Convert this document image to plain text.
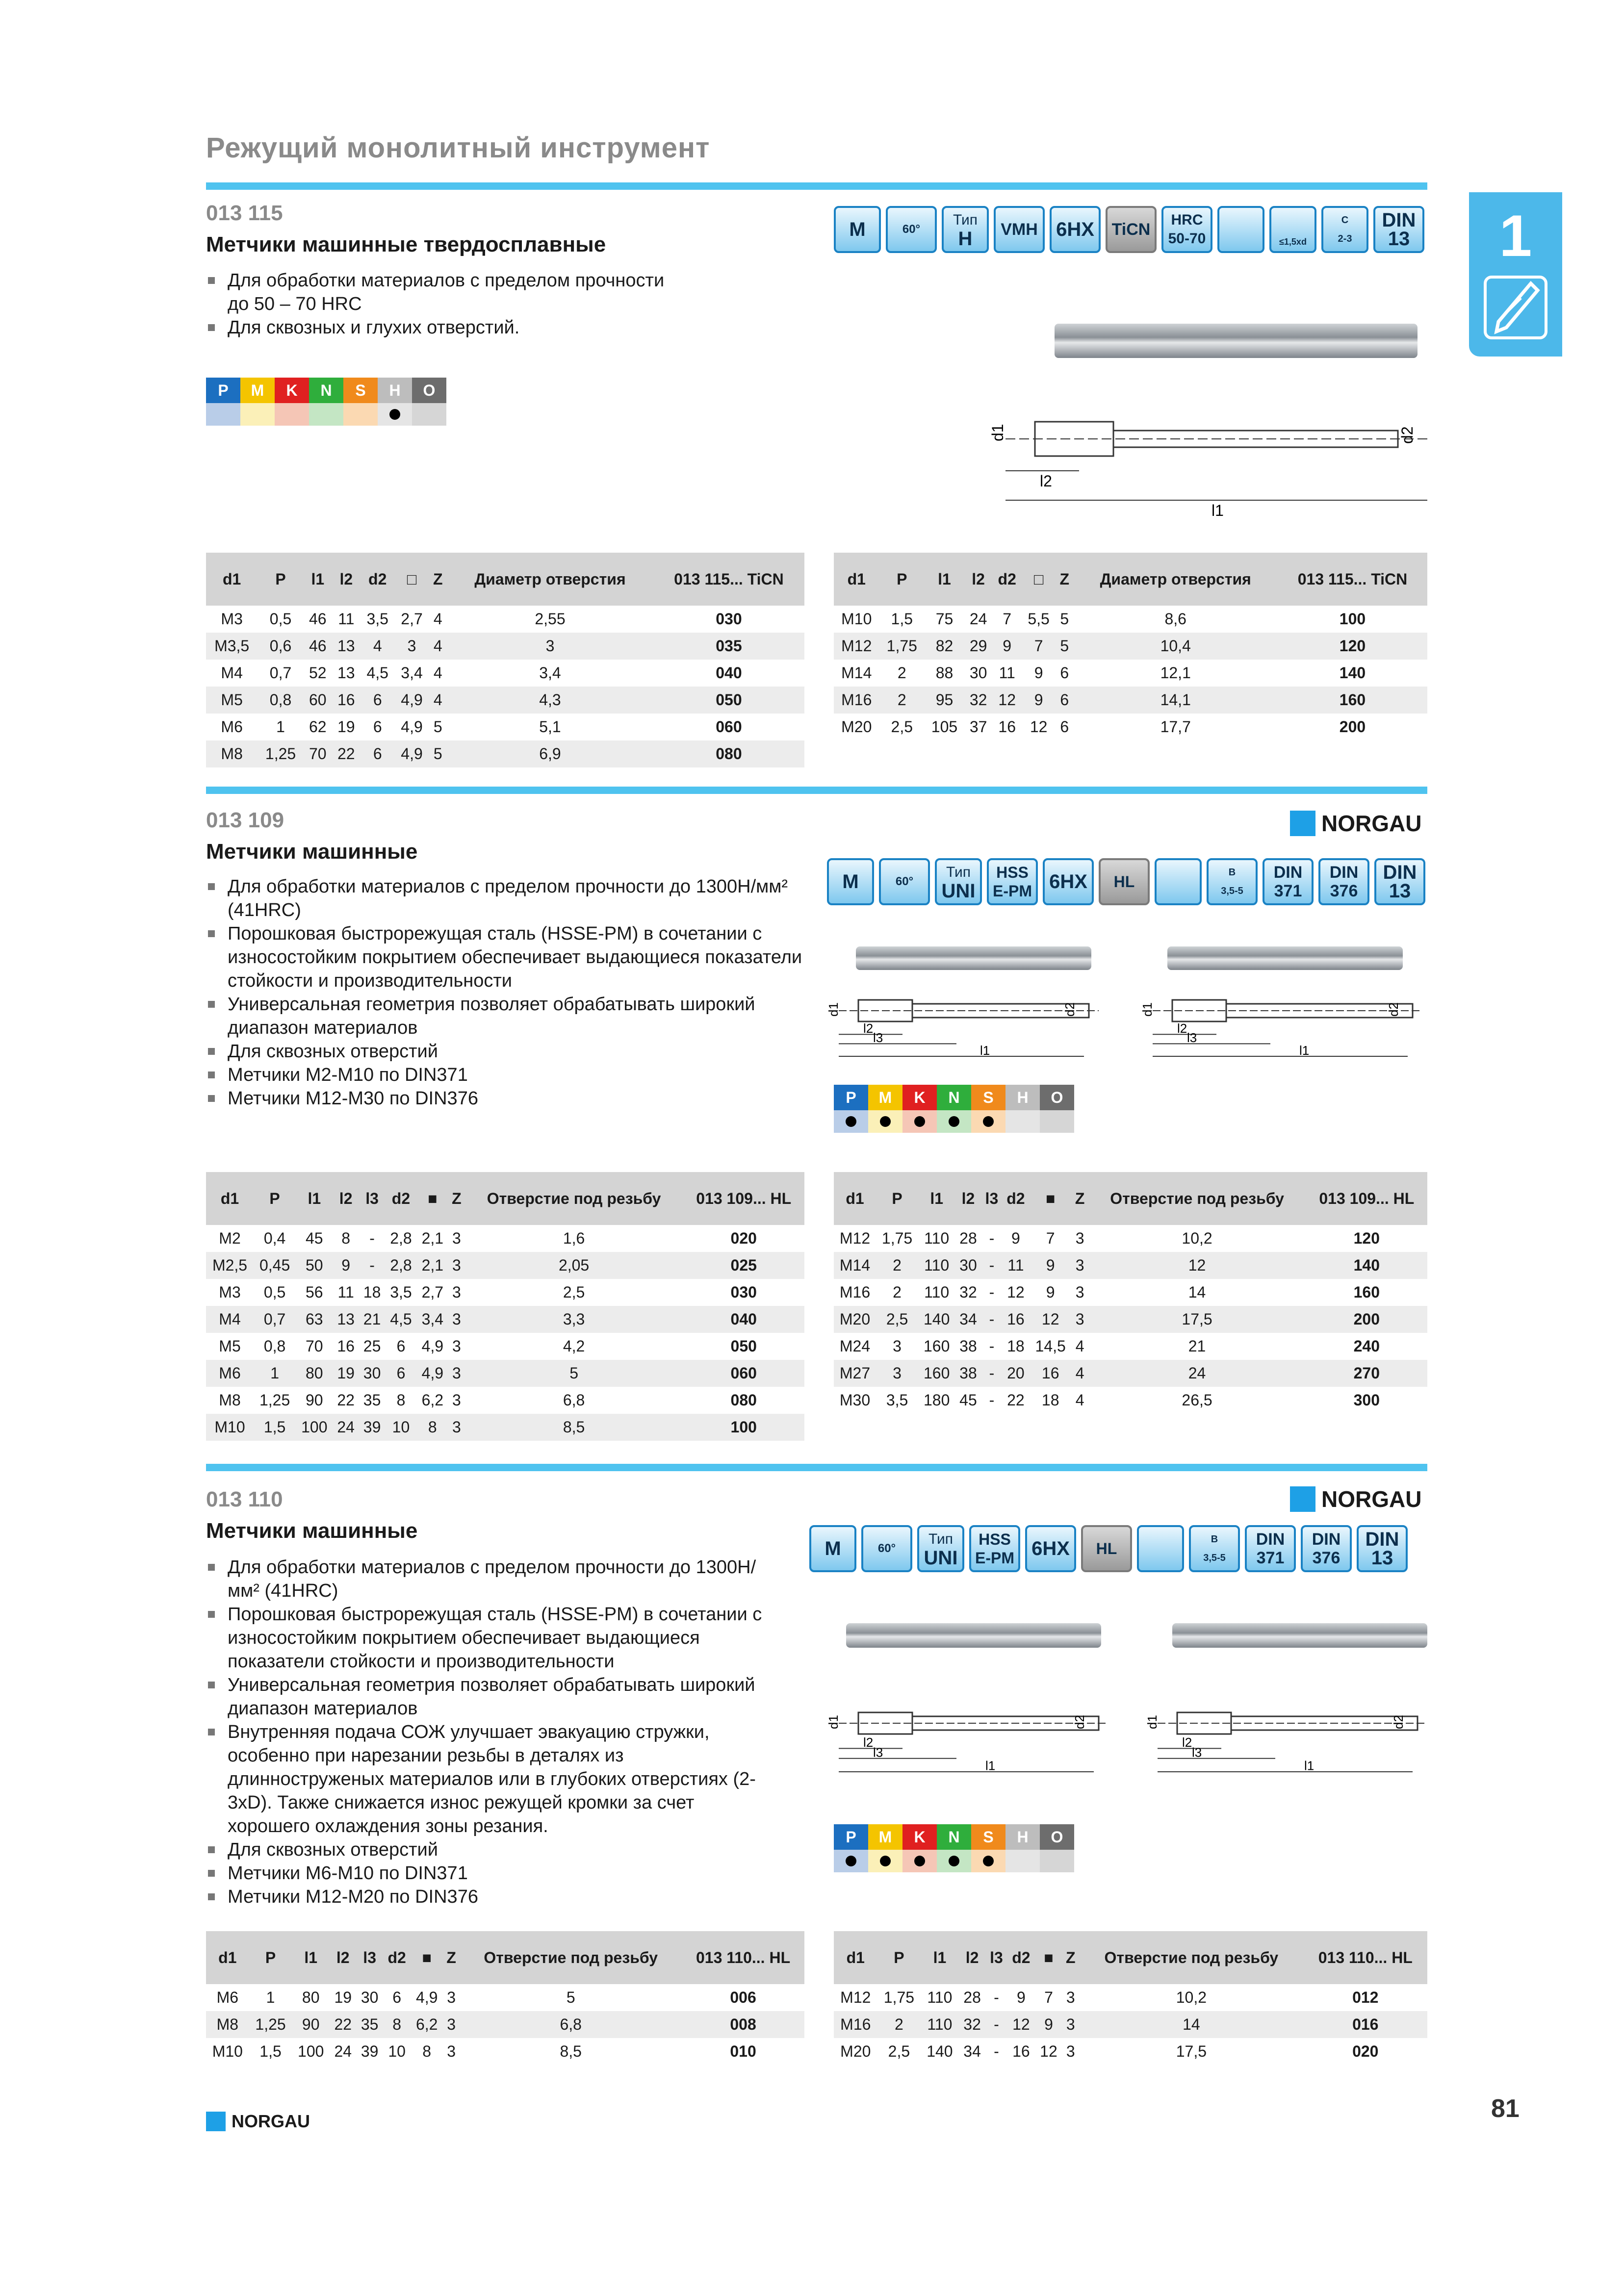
Режущий монолитный инструмент
1
013 115
Метчики машинные твердосплавные
Для обработки материалов с пределом прочности до 50 – 70 HRC
Для сквозных и глухих отверстий.
M	60°
Тип
H	VMH 6HX	TiCN
HRC
50-70	≤1,5xd
C
2-3
DIN
13
P	M	K	N	S	H	O
d1	d2
l2
l1
d1	P	l1	l2	d2	□	Z	Диаметр отверстия	013 115... TiCN
M3	0,5	46	11	3,5	2,7	4	2,55	030
M3,5	0,6	46	13	4	3	4	3	035
M4	0,7	52	13	4,5	3,4	4	3,4	040
M5	0,8	60	16	6	4,9	4	4,3	050
M6	1	62	19	6	4,9	5	5,1	060
M8	1,25	70	22	6	4,9	5	6,9	080
d1	P	l1	l2	d2	□	Z	Диаметр отверстия	013 115... TiCN
M10	1,5	75	24	7	5,5	5	8,6	100
M12	1,75	82	29	9	7	5	10,4	120
M14	2	88	30	11	9	6	12,1	140
M16	2	95	32	12	9	6	14,1	160
M20	2,5	105	37	16	12	6	17,7	200
013 109
Метчики машинные
NORGAU
Для обработки материалов с пределом прочности до 1300Н/мм² (41HRC)
Порошковая быстрорежущая сталь (HSSE-PM) в сочетании с износостойким покрытием обеспечивает выдающиеся показатели стойкости и производительности
Универсальная геометрия позволяет обрабатывать широкий диапазон материалов
Для сквозных отверстий
Метчики M2-M10 по DIN371
Метчики M12-M30 по DIN376
M	60°
Тип
UNI
HSS
E-PM 6HX	HL
B
3,5-5
DIN
371
DIN
376
DIN
13
d1	d2
l2
l3
l1
d1	d2
l2
l3
l1
P	M	K	N	S	H	O
d1	P	l1	l2	l3	d2	■	Z	Отверстие под резьбу	013 109... HL
M2	0,4	45	8	-	2,8	2,1	3	1,6	020
M2,5	0,45	50	9	-	2,8	2,1	3	2,05	025
M3	0,5	56	11	18	3,5	2,7	3	2,5	030
M4	0,7	63	13	21	4,5	3,4	3	3,3	040
M5	0,8	70	16	25	6	4,9	3	4,2	050
M6	1	80	19	30	6	4,9	3	5	060
M8	1,25	90	22	35	8	6,2	3	6,8	080
M10	1,5	100	24	39	10	8	3	8,5	100
d1	P	l1	l2	l3	d2	■	Z	Отверстие под резьбу	013 109... HL
M12	1,75	110	28	-	9	7	3	10,2	120
M14	2	110	30	-	11	9	3	12	140
M16	2	110	32	-	12	9	3	14	160
M20	2,5	140	34	-	16	12	3	17,5	200
M24	3	160	38	-	18	14,5	4	21	240
M27	3	160	38	-	20	16	4	24	270
M30	3,5	180	45	-	22	18	4	26,5	300
013 110
Метчики машинные
NORGAU
Для обработки материалов с пределом прочности до 1300Н/мм² (41HRC)
Порошковая быстрорежущая сталь (HSSE-PM) в сочетании с износостойким покрытием обеспечивает выдающиеся показатели стойкости и производительности
Универсальная геометрия позволяет обрабатывать широкий диапазон материалов
Внутренняя подача СОЖ улучшает эвакуацию стружки, особенно при нарезании резьбы в деталях из длинноструженых материалов или в глубоких отверстиях (2-3xD). Также снижается износ режущей кромки за счет хорошего охлаждения зоны резания.
Для сквозных отверстий
Метчики M6-M10 по DIN371
Метчики M12-M20 по DIN376
M	60°
Тип
UNI
HSS
E-PM 6HX	HL
B
3,5-5
DIN
371
DIN
376
DIN
13
d1	d2
l2
l3
l1
d1	d2
l2
l3
l1
P	M	K	N	S	H	O
d1	P	l1	l2	l3	d2	■	Z	Отверстие под резьбу	013 110... HL
M6	1	80	19	30	6	4,9	3	5	006
M8	1,25	90	22	35	8	6,2	3	6,8	008
M10	1,5	100	24	39	10	8	3	8,5	010
d1	P	l1	l2	l3	d2	■	Z	Отверстие под резьбу	013 110... HL
M12	1,75	110	28	-	9	7	3	10,2	012
M16	2	110	32	-	12	9	3	14	016
M20	2,5	140	34	-	16	12	3	17,5	020
NORGAU	81
